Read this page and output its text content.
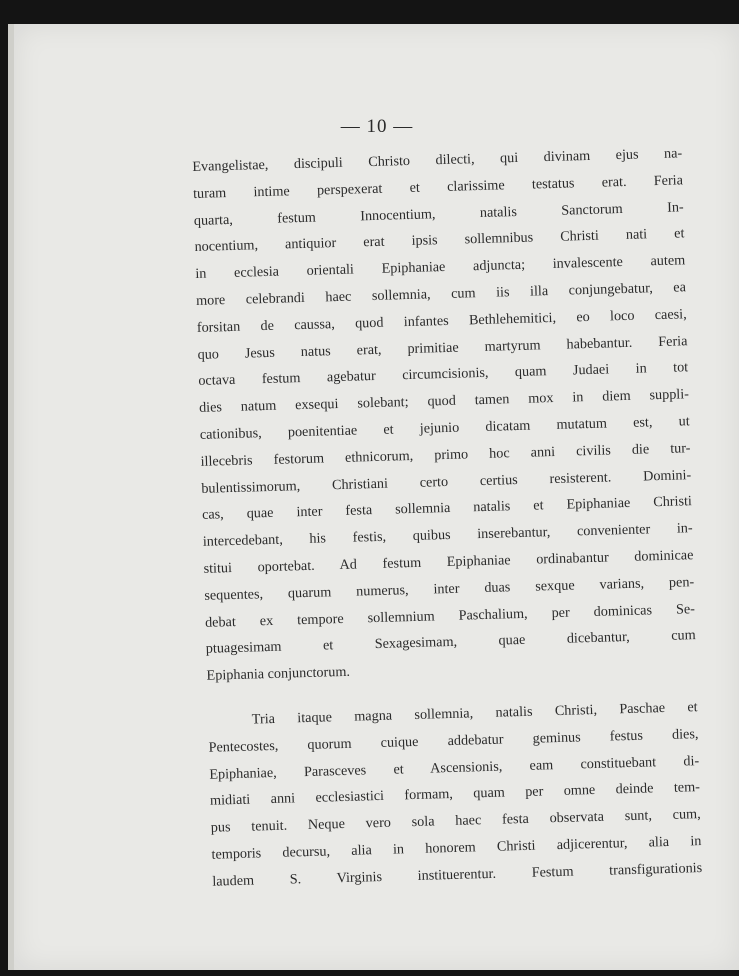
— 10 —
Evangelistae, discipuli Christo dilecti, qui divinam ejus na-
turam intime perspexerat et clarissime testatus erat. Feria
quarta, festum Innocentium, natalis Sanctorum In-
nocentium, antiquior erat ipsis sollemnibus Christi nati et
in ecclesia orientali Epiphaniae adjuncta; invalescente autem
more celebrandi haec sollemnia, cum iis illa conjungebatur, ea
forsitan de caussa, quod infantes Bethlehemitici, eo loco caesi,
quo Jesus natus erat, primitiae martyrum habebantur. Feria
octava festum agebatur circumcisionis, quam Judaei in tot
dies natum exsequi solebant; quod tamen mox in diem suppli-
cationibus, poenitentiae et jejunio dicatam mutatum est, ut
illecebris festorum ethnicorum, primo hoc anni civilis die tur-
bulentissimorum, Christiani certo certius resisterent. Domini-
cas, quae inter festa sollemnia natalis et Epiphaniae Christi
intercedebant, his festis, quibus inserebantur, convenienter in-
stitui oportebat. Ad festum Epiphaniae ordinabantur dominicae
sequentes, quarum numerus, inter duas sexque varians, pen-
debat ex tempore sollemnium Paschalium, per dominicas Se-
ptuagesimam et Sexagesimam, quae dicebantur, cum
Epiphania conjunctorum.
Tria itaque magna sollemnia, natalis Christi, Paschae et
Pentecostes, quorum cuique addebatur geminus festus dies,
Epiphaniae, Parasceves et Ascensionis, eam constituebant di-
midiati anni ecclesiastici formam, quam per omne deinde tem-
pus tenuit. Neque vero sola haec festa observata sunt, cum,
temporis decursu, alia in honorem Christi adjicerentur, alia in
laudem S. Virginis instituerentur. Festum transfigurationis
